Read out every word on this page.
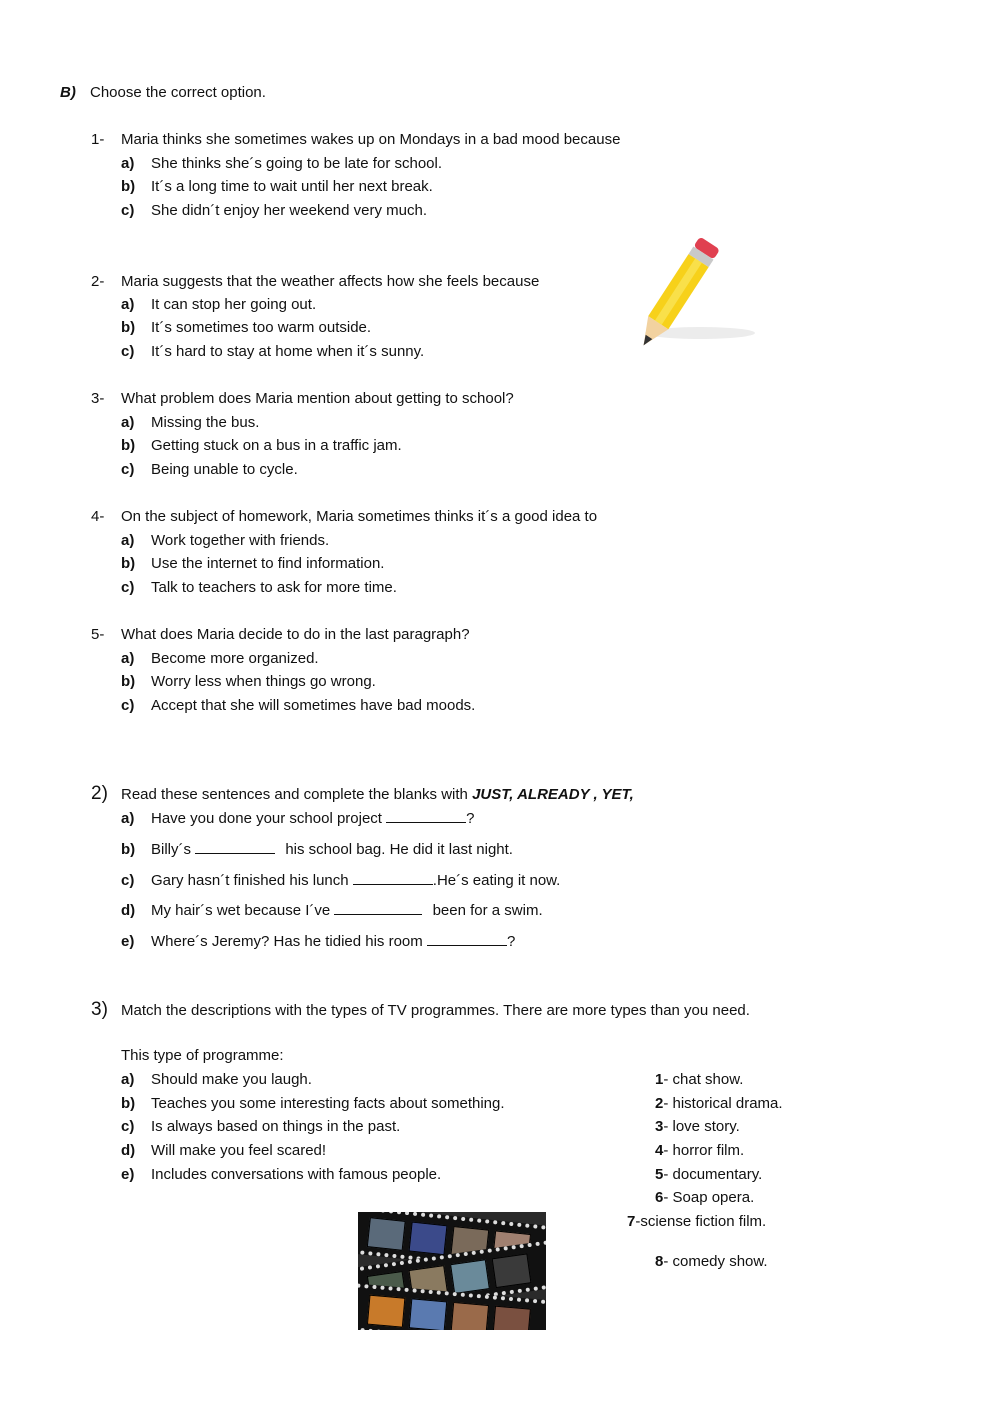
B) Choose the correct option.
1- Maria thinks she sometimes wakes up on Mondays in a bad mood because
a) She thinks she´s going to be late for school.
b) It´s a long time to wait until her next break.
c) She didn´t enjoy her weekend very much.
2- Maria suggests that the weather affects how she feels because
a) It can stop her going out.
b) It´s sometimes too warm outside.
c) It´s hard to stay at home when it´s sunny.
3- What problem does Maria mention about getting to school?
a) Missing the bus.
b) Getting stuck on a bus in a traffic jam.
c) Being unable to cycle.
4- On the subject of homework, Maria sometimes thinks it´s a good idea to
a) Work together with friends.
b) Use the internet to find information.
c) Talk to teachers to ask for more time.
5- What does Maria decide to do in the last paragraph?
a) Become more organized.
b) Worry less when things go wrong.
c) Accept that she will sometimes have bad moods.
2) Read these sentences and complete the blanks with JUST, ALREADY , YET,
a) Have you done your school project	?
b) Billy´s	his school bag. He did it last night.
c) Gary hasn´t finished his lunch	.He´s eating it now.
d) My hair´s wet because I´ve	been for a swim.
e) Where´s Jeremy? Has he tidied his room	?
3) Match the descriptions with the types of TV programmes. There are more types than you need.
This type of programme:
a) Should make you laugh.
b) Teaches you some interesting facts about something.
c) Is always based on things in the past.
d) Will make you feel scared!
e) Includes conversations with famous people.
1- chat show.
2- historical drama.
3- love story.
4- horror film.
5- documentary.
6- Soap opera.
7-sciense fiction film.
8- comedy show.
